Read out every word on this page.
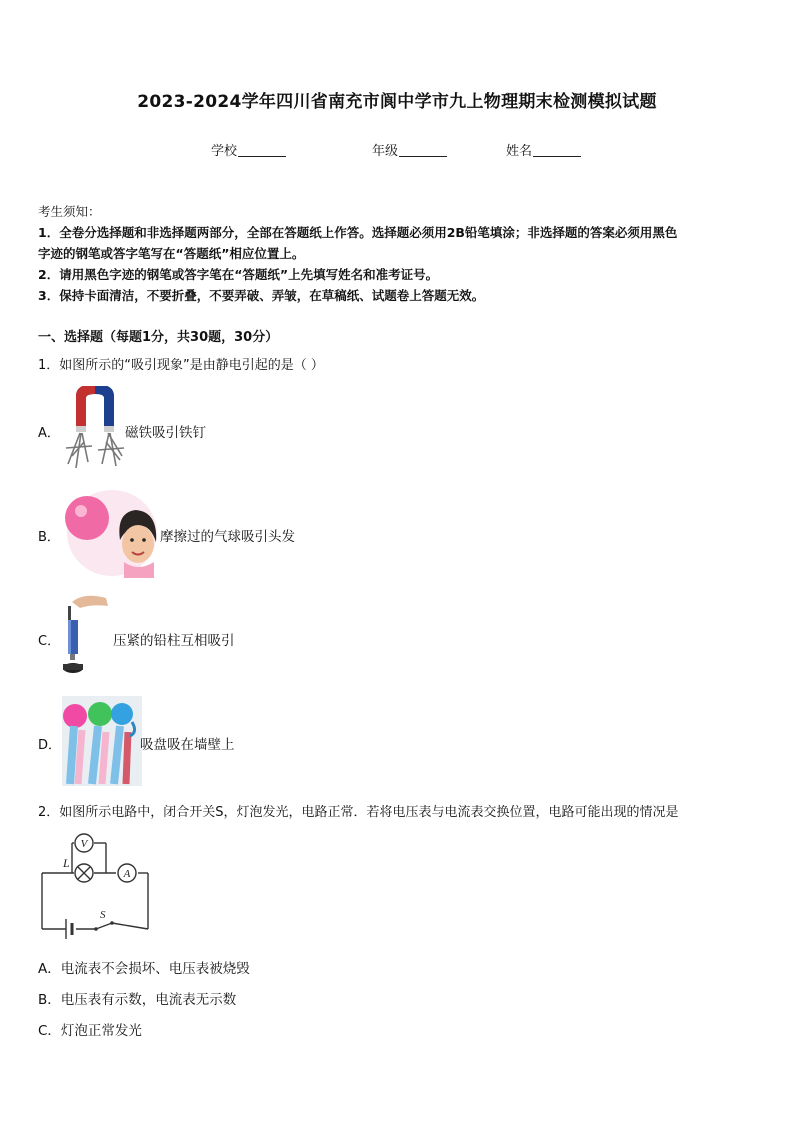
2023-2024学年四川省南充市阆中学市九上物理期末检测模拟试题
学校	年级	姓名
考生须知：
1．全卷分选择题和非选择题两部分，全部在答题纸上作答。选择题必须用2B铅笔填涂；非选择题的答案必须用黑色
字迹的钢笔或答字笔写在“答题纸”相应位置上。
2．请用黑色字迹的钢笔或答字笔在“答题纸”上先填写姓名和准考证号。
3．保持卡面清洁，不要折叠，不要弄破、弄皱，在草稿纸、试题卷上答题无效。
一、选择题（每题1分，共30题，30分）
1．如图所示的“吸引现象”是由静电引起的是（ ）
A．	磁铁吸引铁钉
B．	摩擦过的气球吸引头发
C．	压紧的铅柱互相吸引
D．	吸盘吸在墙壁上
2．如图所示电路中，闭合开关S，灯泡发光，电路正常．若将电压表与电流表交换位置，电路可能出现的情况是
V
L
A
S
A．电流表不会损坏、电压表被烧毁
B．电压表有示数，电流表无示数
C．灯泡正常发光
